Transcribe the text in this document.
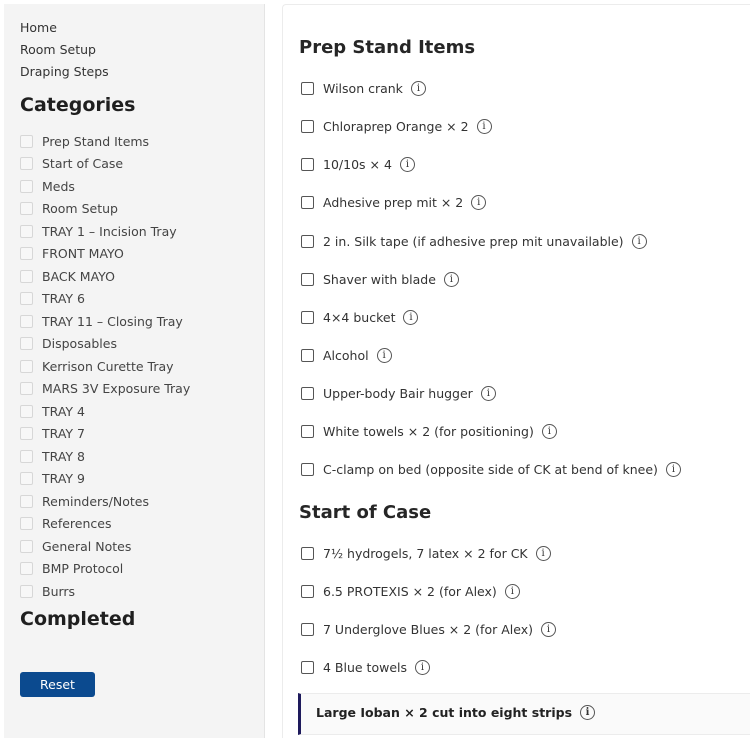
Home
Room Setup
Draping Steps
Categories
Prep Stand Items
Start of Case
Meds
Room Setup
TRAY 1 – Incision Tray
FRONT MAYO
BACK MAYO
TRAY 6
TRAY 11 – Closing Tray
Disposables
Kerrison Curette Tray
MARS 3V Exposure Tray
TRAY 4
TRAY 7
TRAY 8
TRAY 9
Reminders/Notes
References
General Notes
BMP Protocol
Burrs
Completed
Reset
Prep Stand Items
Wilson crank	i
Chloraprep Orange × 2	i
10/10s × 4	i
Adhesive prep mit × 2	i
2 in. Silk tape (if adhesive prep mit unavailable)	i
Shaver with blade	i
4×4 bucket	i
Alcohol	i
Upper-body Bair hugger	i
White towels × 2 (for positioning)	i
C-clamp on bed (opposite side of CK at bend of knee)	i
Start of Case
7½ hydrogels, 7 latex × 2 for CK	i
6.5 PROTEXIS × 2 (for Alex)	i
7 Underglove Blues × 2 (for Alex)	i
4 Blue towels	i
Large Ioban × 2 cut into eight strips	i
